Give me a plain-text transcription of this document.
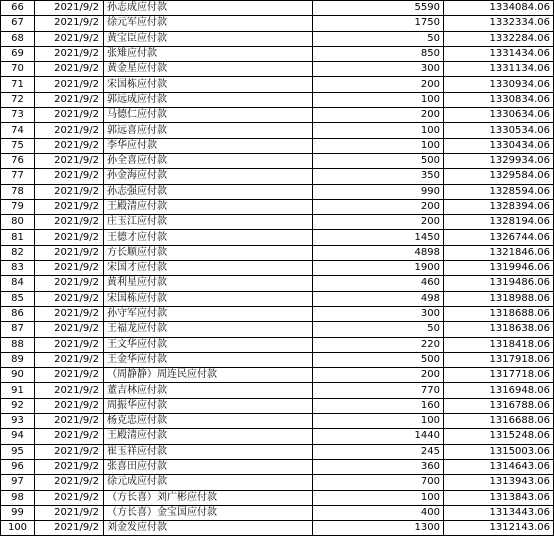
66	2021/9/2	孙志成应付款	5590	1334084.06
67	2021/9/2	徐元军应付款	1750	1332334.06
68	2021/9/2	黄宝臣应付款	50	1332284.06
69	2021/9/2	张雉应付款	850	1331434.06
70	2021/9/2	黄金星应付款	300	1331134.06
71	2021/9/2	宋国栋应付款	200	1330934.06
72	2021/9/2	郭远成应付款	100	1330834.06
73	2021/9/2	马德仁应付款	200	1330634.06
74	2021/9/2	郭远喜应付款	100	1330534.06
75	2021/9/2	李华应付款	100	1330434.06
76	2021/9/2	孙全喜应付款	500	1329934.06
77	2021/9/2	孙金海应付款	350	1329584.06
78	2021/9/2	孙志强应付款	990	1328594.06
79	2021/9/2	王殿清应付款	200	1328394.06
80	2021/9/2	庄玉江应付款	200	1328194.06
81	2021/9/2	王德才应付款	1450	1326744.06
82	2021/9/2	方长顺应付款	4898	1321846.06
83	2021/9/2	宋国才应付款	1900	1319946.06
84	2021/9/2	黄利星应付款	460	1319486.06
85	2021/9/2	宋国栋应付款	498	1318988.06
86	2021/9/2	孙守军应付款	300	1318688.06
87	2021/9/2	王福龙应付款	50	1318638.06
88	2021/9/2	王文华应付款	220	1318418.06
89	2021/9/2	王金华应付款	500	1317918.06
90	2021/9/2	（周静静）周连民应付款	200	1317718.06
91	2021/9/2	董吉林应付款	770	1316948.06
92	2021/9/2	周振华应付款	160	1316788.06
93	2021/9/2	杨克忠应付款	100	1316688.06
94	2021/9/2	王殿清应付款	1440	1315248.06
95	2021/9/2	崔玉祥应付款	245	1315003.06
96	2021/9/2	张喜田应付款	360	1314643.06
97	2021/9/2	徐元成应付款	700	1313943.06
98	2021/9/2	（方长喜）刘广彬应付款	100	1313843.06
99	2021/9/2	（方长喜）金宝国应付款	400	1313443.06
100	2021/9/2	刘金发应付款	1300	1312143.06
